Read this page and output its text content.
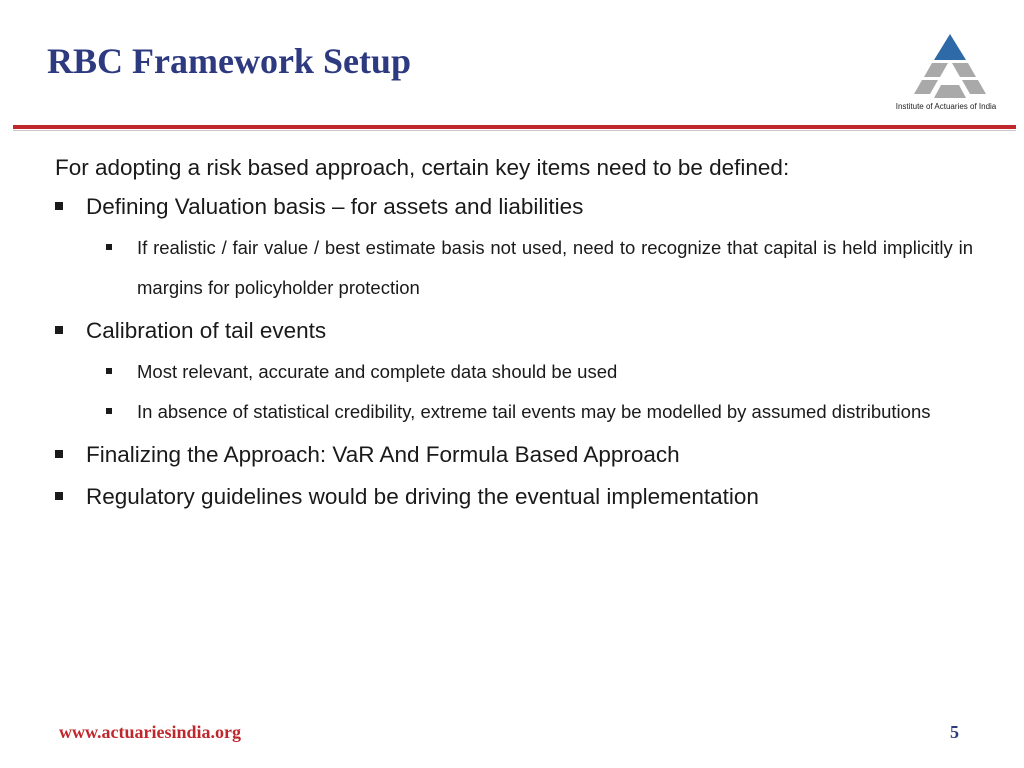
RBC Framework Setup
Institute of Actuaries of India

For adopting a risk based approach, certain key items need to be defined:

Defining Valuation basis – for assets and liabilities
If realistic / fair value / best estimate basis not used, need to recognize that capital is held implicitly in margins for policyholder protection
Calibration of tail events
Most relevant, accurate and complete data should be used
In absence of statistical credibility, extreme tail events may be modelled by assumed distributions
Finalizing the Approach: VaR And Formula Based Approach
Regulatory guidelines would be driving the eventual implementation
www.actuariesindia.org	5
